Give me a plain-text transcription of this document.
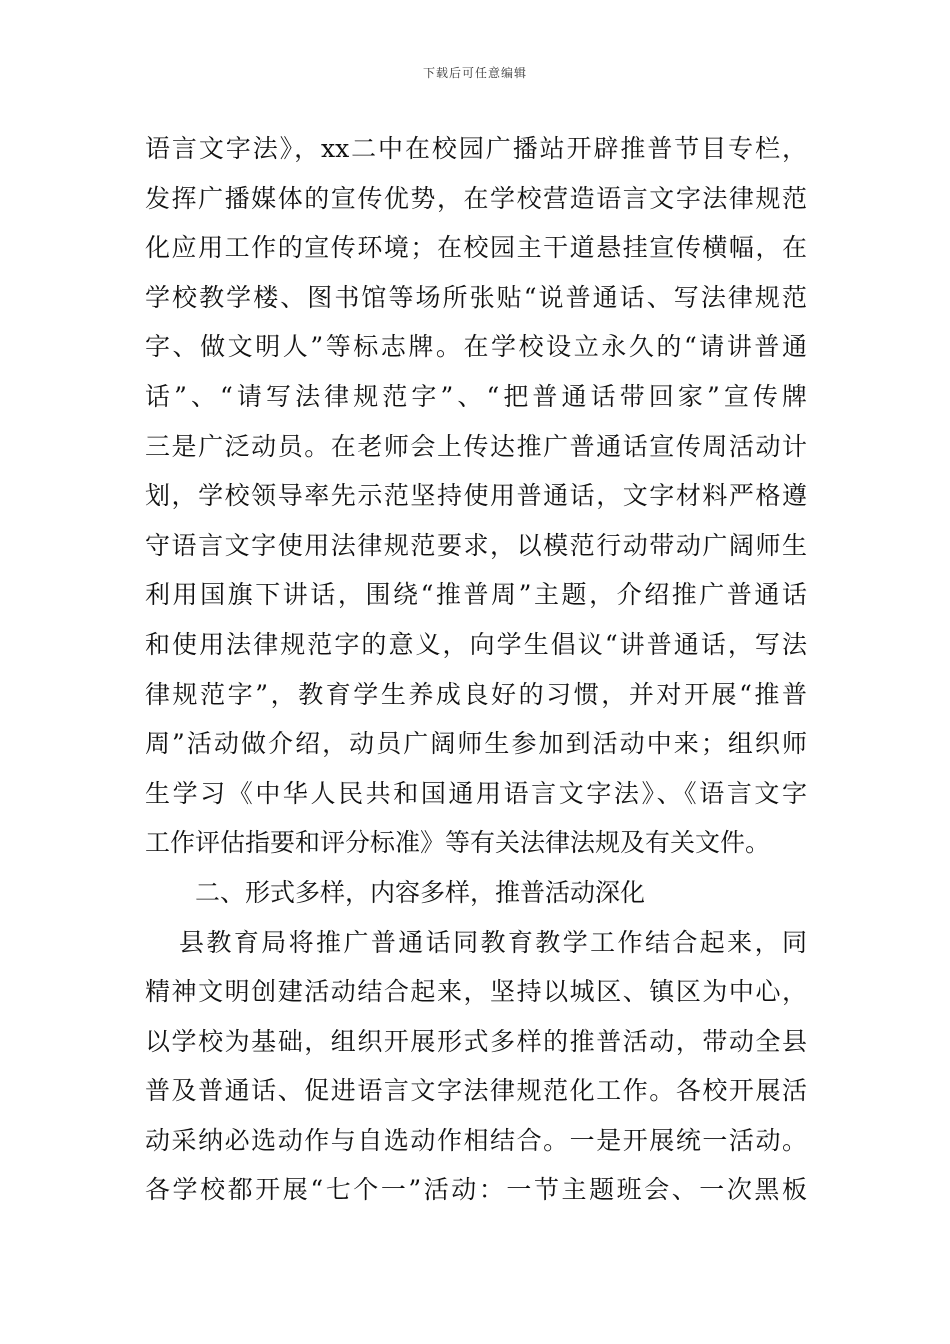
下载后可任意编辑
语言文字法》，xx二中在校园广播站开辟推普节目专栏，
发挥广播媒体的宣传优势，在学校营造语言文字法律规范
化应用工作的宣传环境；在校园主干道悬挂宣传横幅，在
学校教学楼、图书馆等场所张贴“说普通话、写法律规范
字、做文明人”等标志牌。在学校设立永久的“请讲普通
话”、“请写法律规范字”、“把普通话带回家”宣传牌
三是广泛动员。在老师会上传达推广普通话宣传周活动计
划，学校领导率先示范坚持使用普通话，文字材料严格遵
守语言文字使用法律规范要求，以模范行动带动广阔师生
利用国旗下讲话，围绕“推普周”主题，介绍推广普通话
和使用法律规范字的意义，向学生倡议“讲普通话，写法
律规范字”，教育学生养成良好的习惯，并对开展“推普
周”活动做介绍，动员广阔师生参加到活动中来；组织师
生学习《中华人民共和国通用语言文字法》、《语言文字
工作评估指要和评分标准》等有关法律法规及有关文件。
二、形式多样，内容多样，推普活动深化
县教育局将推广普通话同教育教学工作结合起来，同
精神文明创建活动结合起来，坚持以城区、镇区为中心，
以学校为基础，组织开展形式多样的推普活动，带动全县
普及普通话、促进语言文字法律规范化工作。各校开展活
动采纳必选动作与自选动作相结合。一是开展统一活动。
各学校都开展“七个一”活动：一节主题班会、一次黑板
